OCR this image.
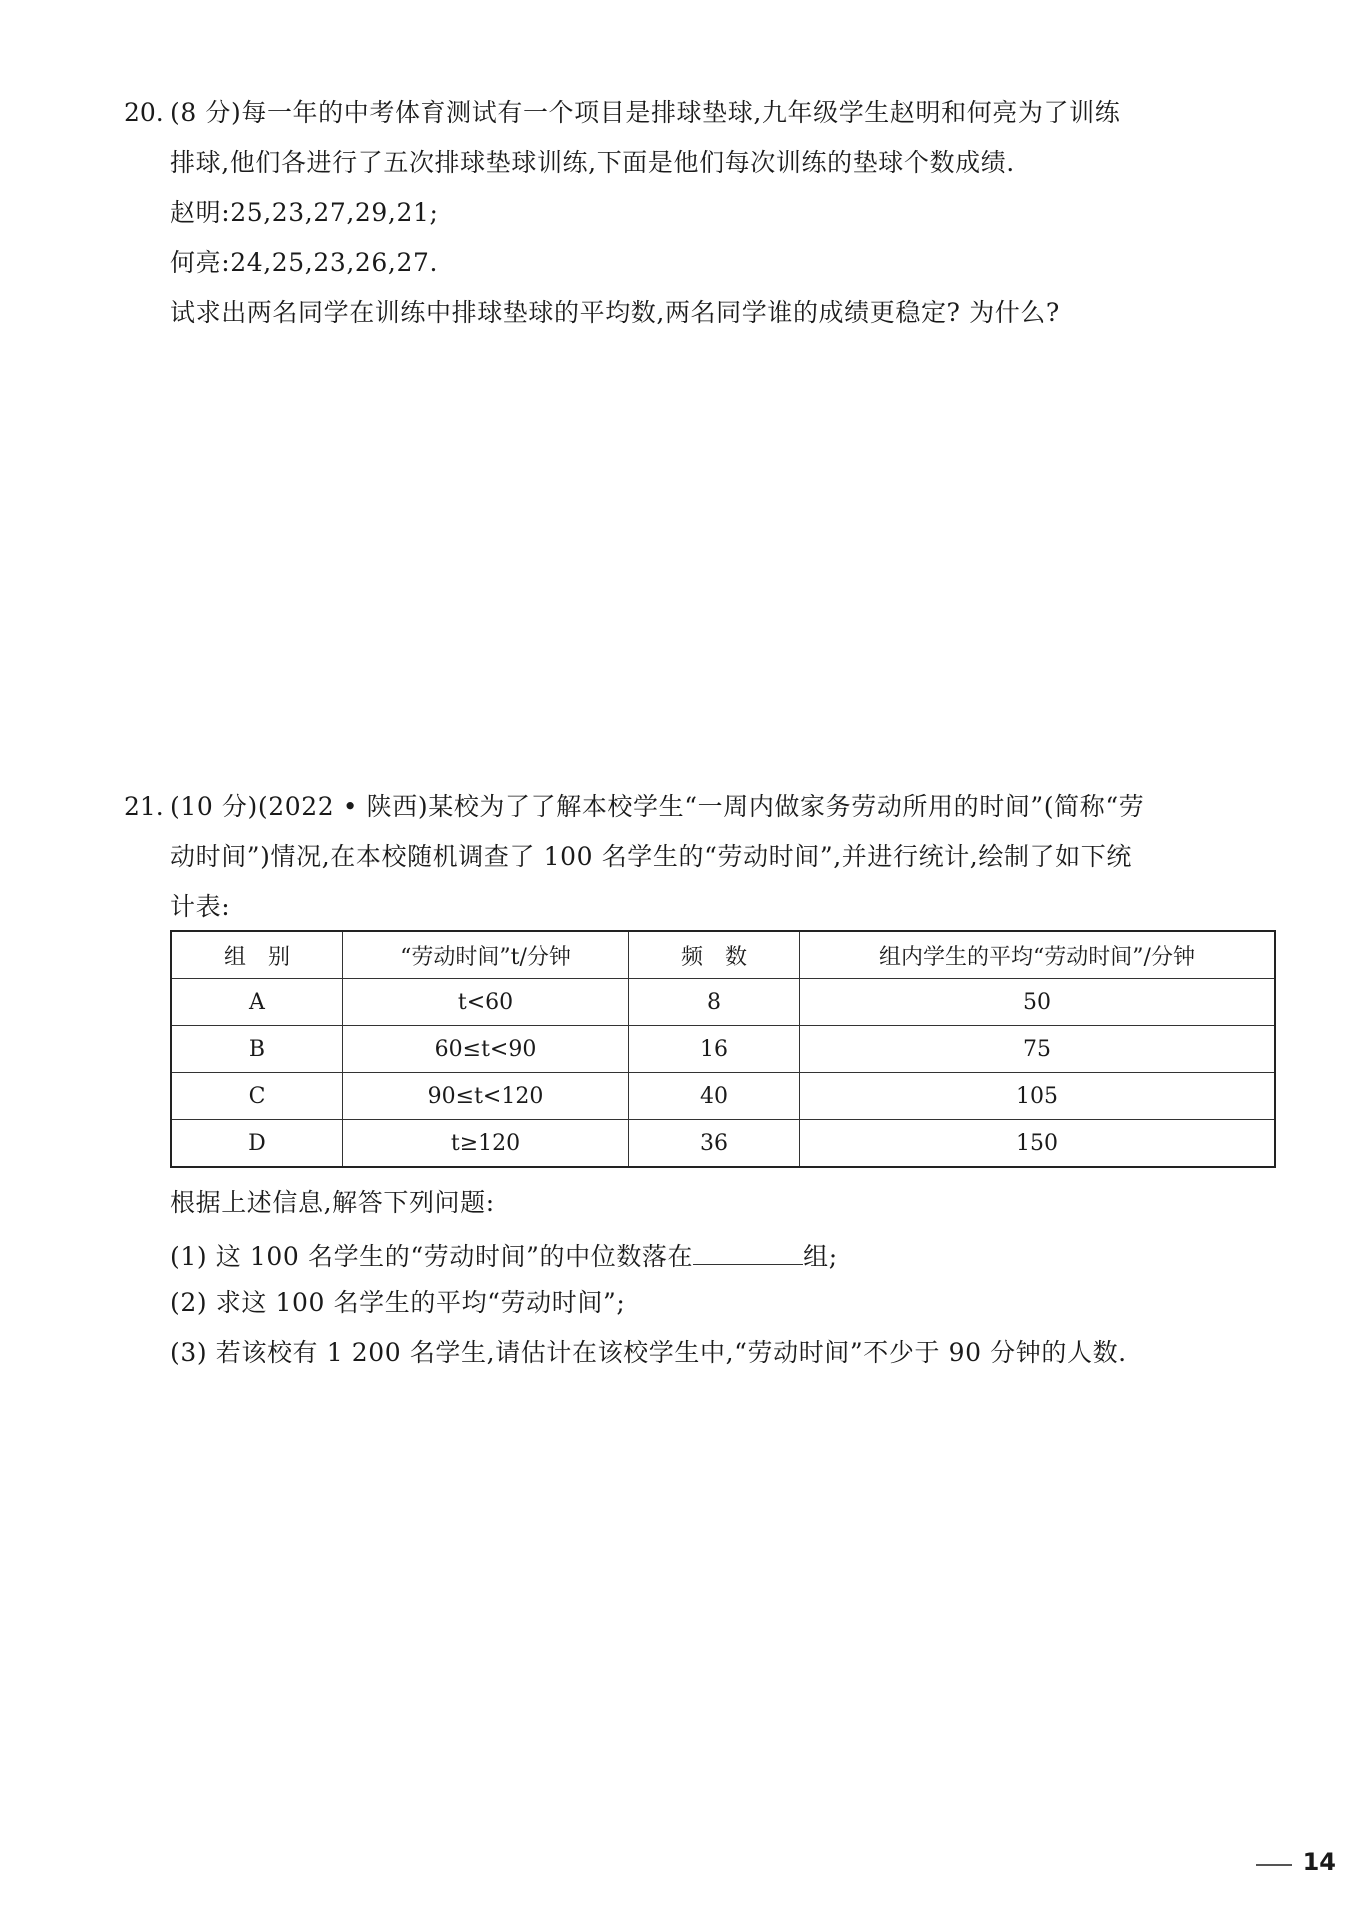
20. (8 分)每一年的中考体育测试有一个项目是排球垫球,九年级学生赵明和何亮为了训练
排球,他们各进行了五次排球垫球训练,下面是他们每次训练的垫球个数成绩.
赵明:25,23,27,29,21;
何亮:24,25,23,26,27.
试求出两名同学在训练中排球垫球的平均数,两名同学谁的成绩更稳定? 为什么?
21. (10 分)(2022 • 陕西)某校为了了解本校学生“一周内做家务劳动所用的时间”(简称“劳
动时间”)情况,在本校随机调查了 100 名学生的“劳动时间”,并进行统计,绘制了如下统
计表:
组　别	“劳动时间”t/分钟	频　数	组内学生的平均“劳动时间”/分钟
A	t<60	8	50
B	60≤t<90	16	75
C	90≤t<120	40	105
D	t≥120	36	150
根据上述信息,解答下列问题:
(1) 这 100 名学生的“劳动时间”的中位数落在	组;
(2) 求这 100 名学生的平均“劳动时间”;
(3) 若该校有 1 200 名学生,请估计在该校学生中,“劳动时间”不少于 90 分钟的人数.
14
